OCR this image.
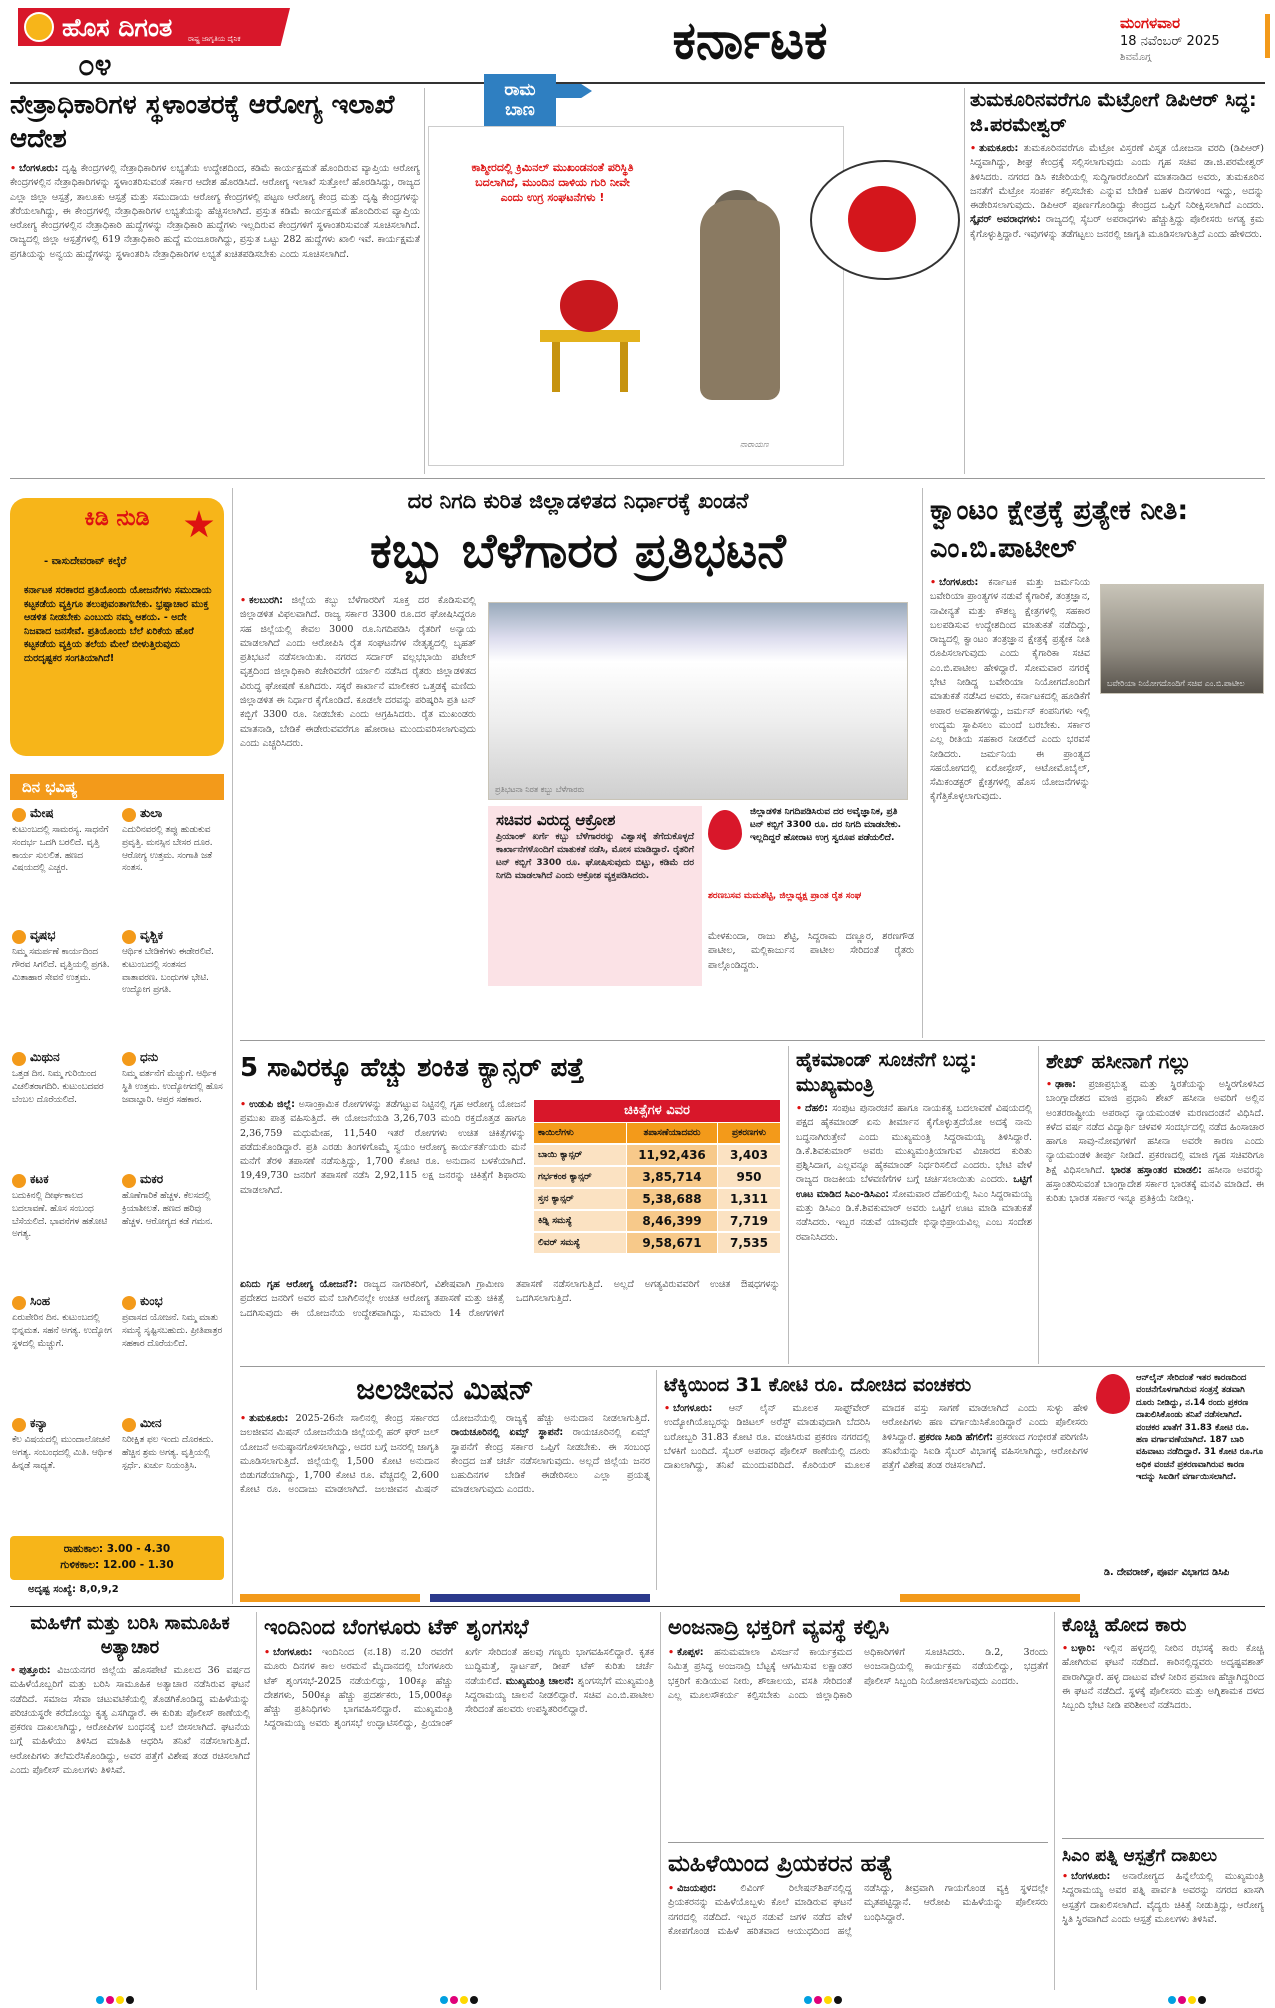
ಹೊಸ ದಿಗಂತ ರಾಷ್ಟ್ರ ಜಾಗೃತಿಯ ದೈನಿಕ
೦೪	ಕರ್ನಾಟಕ	ಮಂಗಳವಾರ
18 ನವೆಂಬರ್ 2025
ಶಿವಮೊಗ್ಗ
ನೇತ್ರಾಧಿಕಾರಿಗಳ ಸ್ಥಳಾಂತರಕ್ಕೆ ಆರೋಗ್ಯ ಇಲಾಖೆ ಆದೇಶ

• ಬೆಂಗಳೂರು: ದೃಷ್ಟಿ ಕೇಂದ್ರಗಳಲ್ಲಿ ನೇತ್ರಾಧಿಕಾರಿಗಳ ಲಭ್ಯತೆಯ ಉದ್ದೇಶದಿಂದ, ಕಡಿಮೆ ಕಾರ್ಯಕ್ಷಮತೆ ಹೊಂದಿರುವ ವ್ಯಾಪ್ತಿಯ ಆರೋಗ್ಯ ಕೇಂದ್ರಗಳಲ್ಲಿನ ನೇತ್ರಾಧಿಕಾರಿಗಳನ್ನು ಸ್ಥಳಾಂತರಿಸುವಂತೆ ಸರ್ಕಾರ ಆದೇಶ ಹೊರಡಿಸಿದೆ. ಆರೋಗ್ಯ ಇಲಾಖೆ ಸುತ್ತೋಲೆ ಹೊರಡಿಸಿದ್ದು, ರಾಜ್ಯದ ಎಲ್ಲಾ ಜಿಲ್ಲಾ ಆಸ್ಪತ್ರೆ, ತಾಲೂಕು ಆಸ್ಪತ್ರೆ ಮತ್ತು ಸಮುದಾಯ ಆರೋಗ್ಯ ಕೇಂದ್ರಗಳಲ್ಲಿ ಪಟ್ಟಣ ಆರೋಗ್ಯ ಕೇಂದ್ರ ಮತ್ತು ದೃಷ್ಟಿ ಕೇಂದ್ರಗಳನ್ನು ತೆರೆಯಲಾಗಿದ್ದು, ಈ ಕೇಂದ್ರಗಳಲ್ಲಿ ನೇತ್ರಾಧಿಕಾರಿಗಳ ಲಭ್ಯತೆಯನ್ನು ಹೆಚ್ಚಿಸಲಾಗಿದೆ. ಪ್ರಸ್ತುತ ಕಡಿಮೆ ಕಾರ್ಯಕ್ಷಮತೆ ಹೊಂದಿರುವ ವ್ಯಾಪ್ತಿಯ ಆರೋಗ್ಯ ಕೇಂದ್ರಗಳಲ್ಲಿನ ನೇತ್ರಾಧಿಕಾರಿ ಹುದ್ದೆಗಳನ್ನು ನೇತ್ರಾಧಿಕಾರಿ ಹುದ್ದೆಗಳು ಇಲ್ಲದಿರುವ ಕೇಂದ್ರಗಳಿಗೆ ಸ್ಥಳಾಂತರಿಸುವಂತೆ ಸೂಚಿಸಲಾಗಿದೆ. ರಾಜ್ಯದಲ್ಲಿ ಜಿಲ್ಲಾ ಆಸ್ಪತ್ರೆಗಳಲ್ಲಿ 619 ನೇತ್ರಾಧಿಕಾರಿ ಹುದ್ದೆ ಮಂಜೂರಾಗಿದ್ದು, ಪ್ರಸ್ತುತ ಒಟ್ಟು 282 ಹುದ್ದೆಗಳು ಖಾಲಿ ಇವೆ. ಕಾರ್ಯಕ್ಷಮತೆ ಪ್ರಗತಿಯನ್ನು ಅನ್ವಯ ಹುದ್ದೆಗಳನ್ನು ಸ್ಥಳಾಂತರಿಸಿ ನೇತ್ರಾಧಿಕಾರಿಗಳ ಲಭ್ಯತೆ ಖಚಿತಪಡಿಸಬೇಕು ಎಂದು ಸೂಚಿಸಲಾಗಿದೆ.

ರಾಮ ಬಾಣ
ಕಾಶ್ಮೀರದಲ್ಲಿ ಕ್ರಿಮಿನಲ್ ಮುಖಂಡನಂತೆ ಪರಿಸ್ಥಿತಿ ಬದಲಾಗಿದೆ, ಮುಂದಿನ ದಾಳಿಯ ಗುರಿ ನೀವೇ ಎಂದು ಉಗ್ರ ಸಂಘಟನೆಗಳು !
ನಾರಾಯಣ
ತುಮಕೂರಿನವರೆಗೂ ಮೆಟ್ರೋಗೆ ಡಿಪಿಆರ್ ಸಿದ್ಧ: ಜಿ.ಪರಮೇಶ್ವರ್

• ತುಮಕೂರು: ತುಮಕೂರಿನವರೆಗೂ ಮೆಟ್ರೋ ವಿಸ್ತರಣೆ ವಿಸ್ತೃತ ಯೋಜನಾ ವರದಿ (ಡಿಪಿಆರ್) ಸಿದ್ಧವಾಗಿದ್ದು, ಶೀಘ್ರ ಕೇಂದ್ರಕ್ಕೆ ಸಲ್ಲಿಸಲಾಗುವುದು ಎಂದು ಗೃಹ ಸಚಿವ ಡಾ.ಜಿ.ಪರಮೇಶ್ವರ್ ತಿಳಿಸಿದರು. ನಗರದ ಡಿಸಿ ಕಚೇರಿಯಲ್ಲಿ ಸುದ್ದಿಗಾರರೊಂದಿಗೆ ಮಾತನಾಡಿದ ಅವರು, ತುಮಕೂರಿನ ಜನತೆಗೆ ಮೆಟ್ರೋ ಸಂಪರ್ಕ ಕಲ್ಪಿಸಬೇಕು ಎನ್ನುವ ಬೇಡಿಕೆ ಬಹಳ ದಿನಗಳಿಂದ ಇದ್ದು, ಅದನ್ನು ಈಡೇರಿಸಲಾಗುವುದು. ಡಿಪಿಆರ್ ಪೂರ್ಣಗೊಂಡಿದ್ದು ಕೇಂದ್ರದ ಒಪ್ಪಿಗೆ ನಿರೀಕ್ಷಿಸಲಾಗಿದೆ ಎಂದರು. ಸ್ಕೈವರ್ ಅವರಾಧಗಳು: ರಾಜ್ಯದಲ್ಲಿ ಸೈಬರ್ ಅಪರಾಧಗಳು ಹೆಚ್ಚುತ್ತಿದ್ದು ಪೊಲೀಸರು ಅಗತ್ಯ ಕ್ರಮ ಕೈಗೊಳ್ಳುತ್ತಿದ್ದಾರೆ. ಇವುಗಳನ್ನು ತಡೆಗಟ್ಟಲು ಜನರಲ್ಲಿ ಜಾಗೃತಿ ಮೂಡಿಸಲಾಗುತ್ತಿದೆ ಎಂದು ಹೇಳಿದರು.

ಕಿಡಿ ನುಡಿ
- ವಾಸುದೇವರಾವ್ ಕಲ್ಕೆರೆ
ಕರ್ನಾಟಕ ಸರಕಾರದ ಪ್ರತಿಯೊಂದು ಯೋಜನೆಗಳು ಸಮುದಾಯ ಕಟ್ಟಕಡೆಯ ವ್ಯಕ್ತಿಗೂ ತಲುಪುವಂತಾಗಬೇಕು. ಭ್ರಷ್ಟಾಚಾರ ಮುಕ್ತ ಆಡಳಿತ ನೀಡಬೇಕು ಎಂಬುದು ನಮ್ಮ ಆಶಯ. - ಅದೇ ನಿಜವಾದ ಜನಸೇವೆ. ಪ್ರತಿಯೊಂದು ಬೆಲೆ ಏರಿಕೆಯ ಹೊರೆ ಕಟ್ಟಕಡೆಯ ವ್ಯಕ್ತಿಯ ತಲೆಯ ಮೇಲೆ ಬೀಳುತ್ತಿರುವುದು ದುರದೃಷ್ಟಕರ ಸಂಗತಿಯಾಗಿದೆ!
ದಿನ ಭವಿಷ್ಯ
ಮೇಷ
ಕುಟುಂಬದಲ್ಲಿ ಸಾಮರಸ್ಯ. ಸಾಧನೆಗೆ ಸಂದರ್ಭ ಒದಗಿ ಬರಲಿದೆ. ವೃತ್ತಿ ಕಾರ್ಯ ಸುಲಲಿತ. ಹಣದ ವಿಷಯದಲ್ಲಿ ಎಚ್ಚರ.
ತುಲಾ
ಎದುರಿನವರಲ್ಲಿ ತಪ್ಪು ಹುಡುಕುವ ಪ್ರವೃತ್ತಿ. ಮನಸ್ಸಿನ ಬೇಸರ ದೂರ. ಆರೋಗ್ಯ ಉತ್ತಮ. ಸಂಗಾತಿ ಜತೆ ಸಂತಸ.
ವೃಷಭ
ನಿಮ್ಮ ಸಮರ್ಪಣೆ ಕಾರ್ಯದಿಂದ ಗೌರವ ಸಿಗಲಿದೆ. ವೃತ್ತಿಯಲ್ಲಿ ಪ್ರಗತಿ. ಮಿತಾಹಾರ ಸೇವನೆ ಉತ್ತಮ.
ವೃಶ್ಚಿಕ
ಆರ್ಥಿಕ ಬೇಡಿಕೆಗಳು ಈಡೇರಲಿವೆ. ಕುಟುಂಬದಲ್ಲಿ ಸಂತಸದ ವಾತಾವರಣ. ಬಂಧುಗಳ ಭೇಟಿ. ಉದ್ಯೋಗ ಪ್ರಗತಿ.
ಮಿಥುನ
ಒತ್ತಡ ದಿನ. ನಿಮ್ಮ ಗುರಿಯಿಂದ ವಿಚಲಿತರಾಗದಿರಿ. ಕುಟುಂಬದವರ ಬೆಂಬಲ ದೊರೆಯಲಿದೆ.
ಧನು
ನಿಮ್ಮ ವರ್ತನೆಗೆ ಮೆಚ್ಚುಗೆ. ಆರ್ಥಿಕ ಸ್ಥಿತಿ ಉತ್ತಮ. ಉದ್ಯೋಗದಲ್ಲಿ ಹೊಸ ಜವಾಬ್ದಾರಿ. ಆಪ್ತರ ಸಹಕಾರ.
ಕಟಕ
ಬದುಕಿನಲ್ಲಿ ದೀರ್ಘಕಾಲದ ಬದಲಾವಣೆ. ಹೊಸ ಸಂಬಂಧ ಬೆಸೆಯಲಿದೆ. ಭಾವನೆಗಳ ಹತೋಟಿ ಅಗತ್ಯ.
ಮಕರ
ಹೊಣೆಗಾರಿಕೆ ಹೆಚ್ಚಳ. ಕೆಲಸದಲ್ಲಿ ಕ್ರಿಯಾಶೀಲತೆ. ಹಣದ ಹರಿವು ಹೆಚ್ಚಳ. ಆರೋಗ್ಯದ ಕಡೆ ಗಮನ.
ಸಿಂಹ
ಏರುಪೇರಿನ ದಿನ. ಕುಟುಂಬದಲ್ಲಿ ಭಿನ್ನಮತ. ಸಹನೆ ಅಗತ್ಯ. ಉದ್ಯೋಗ ಸ್ಥಳದಲ್ಲಿ ಮೆಚ್ಚುಗೆ.
ಕುಂಭ
ಪ್ರವಾಸದ ಯೋಜನೆ. ನಿಮ್ಮ ಮಾತು ಸಮಸ್ಯೆ ಸೃಷ್ಟಿಸಬಹುದು. ಪ್ರೀತಿಪಾತ್ರರ ಸಹಕಾರ ದೊರೆಯಲಿದೆ.
ಕನ್ಯಾ
ಕೆಲ ವಿಷಯದಲ್ಲಿ ಮುಂದಾಲೋಚನೆ ಅಗತ್ಯ. ಸಂಬಂಧದಲ್ಲಿ ಮಿತಿ. ಆರ್ಥಿಕ ಹಿನ್ನಡೆ ಸಾಧ್ಯತೆ.
ಮೀನ
ನಿರೀಕ್ಷಿತ ಫಲ ಇಂದು ದೊರಕದು. ಹೆಚ್ಚಿನ ಶ್ರಮ ಅಗತ್ಯ. ವೃತ್ತಿಯಲ್ಲಿ ಸ್ಪರ್ಧೆ. ಖರ್ಚು ನಿಯಂತ್ರಿಸಿ.
ರಾಹುಕಾಲ: 3.00 - 4.30
ಗುಳಿಕಕಾಲ: 12.00 - 1.30
ಅದೃಷ್ಟ ಸಂಖ್ಯೆ: 8,0,9,2
ದರ ನಿಗದಿ ಕುರಿತ ಜಿಲ್ಲಾಡಳಿತದ ನಿರ್ಧಾರಕ್ಕೆ ಖಂಡನೆ
ಕಬ್ಬು ಬೆಳೆಗಾರರ ಪ್ರತಿಭಟನೆ

• ಕಲಬುರಗಿ: ಜಿಲ್ಲೆಯ ಕಬ್ಬು ಬೆಳೆಗಾರರಿಗೆ ಸೂಕ್ತ ದರ ಕೊಡಿಸುವಲ್ಲಿ ಜಿಲ್ಲಾಡಳಿತ ವಿಫಲವಾಗಿದೆ. ರಾಜ್ಯ ಸರ್ಕಾರ 3300 ರೂ.ದರ ಘೋಷಿಸಿದ್ದರೂ ಸಹ ಜಿಲ್ಲೆಯಲ್ಲಿ ಕೇವಲ 3000 ರೂ.ನಿಗದಿಪಡಿಸಿ ರೈತರಿಗೆ ಅನ್ಯಾಯ ಮಾಡಲಾಗಿದೆ ಎಂದು ಆರೋಪಿಸಿ ರೈತ ಸಂಘಟನೆಗಳ ನೇತೃತ್ವದಲ್ಲಿ ಬೃಹತ್ ಪ್ರತಿಭಟನೆ ನಡೆಸಲಾಯಿತು. ನಗರದ ಸರ್ದಾರ್ ವಲ್ಲಭಭಾಯಿ ಪಟೇಲ್ ವೃತ್ತದಿಂದ ಜಿಲ್ಲಾಧಿಕಾರಿ ಕಚೇರಿವರೆಗೆ ರ್ಯಾಲಿ ನಡೆಸಿದ ರೈತರು ಜಿಲ್ಲಾಡಳಿತದ ವಿರುದ್ಧ ಘೋಷಣೆ ಕೂಗಿದರು. ಸಕ್ಕರೆ ಕಾರ್ಖಾನೆ ಮಾಲೀಕರ ಒತ್ತಡಕ್ಕೆ ಮಣಿದು ಜಿಲ್ಲಾಡಳಿತ ಈ ನಿರ್ಧಾರ ಕೈಗೊಂಡಿದೆ. ಕೂಡಲೇ ದರವನ್ನು ಪರಿಷ್ಕರಿಸಿ ಪ್ರತಿ ಟನ್ ಕಬ್ಬಿಗೆ 3300 ರೂ. ನೀಡಬೇಕು ಎಂದು ಆಗ್ರಹಿಸಿದರು. ರೈತ ಮುಖಂಡರು ಮಾತನಾಡಿ, ಬೇಡಿಕೆ ಈಡೇರುವವರೆಗೂ ಹೋರಾಟ ಮುಂದುವರಿಸಲಾಗುವುದು ಎಂದು ಎಚ್ಚರಿಸಿದರು.

ಪ್ರತಿಭಟನಾ ನಿರತ ಕಬ್ಬು ಬೆಳೆಗಾರರು
ಸಚಿವರ ವಿರುದ್ಧ ಆಕ್ರೋಶ

ಪ್ರಿಯಾಂಕ್ ಖರ್ಗೆ ಕಬ್ಬು ಬೆಳೆಗಾರರನ್ನು ವಿಶ್ವಾಸಕ್ಕೆ ತೆಗೆದುಕೊಳ್ಳದೆ ಕಾರ್ಖಾನೆಗಳೊಂದಿಗೆ ಮಾತುಕತೆ ನಡೆಸಿ, ಮೋಸ ಮಾಡಿದ್ದಾರೆ. ರೈತರಿಗೆ ಟನ್ ಕಬ್ಬಿಗೆ 3300 ರೂ. ಘೋಷಿಸುವುದು ಬಿಟ್ಟು, ಕಡಿಮೆ ದರ ನಿಗದಿ ಮಾಡಲಾಗಿದೆ ಎಂದು ಆಕ್ರೋಶ ವ್ಯಕ್ತಪಡಿಸಿದರು.

ಜಿಲ್ಲಾಡಳಿತ ನಿಗದಿಪಡಿಸಿರುವ ದರ ಅವೈಜ್ಞಾನಿಕ, ಪ್ರತಿ ಟನ್ ಕಬ್ಬಿಗೆ 3300 ರೂ. ದರ ನಿಗದಿ ಮಾಡಬೇಕು. ಇಲ್ಲದಿದ್ದರೆ ಹೋರಾಟ ಉಗ್ರ ಸ್ವರೂಪ ಪಡೆಯಲಿದೆ.

ಶರಣಬಸವ ಮಮಶೆಟ್ಟಿ, ಜಿಲ್ಲಾಧ್ಯಕ್ಷ ಪ್ರಾಂತ ರೈತ ಸಂಘ

ಮೇಳಕುಂದಾ, ರಾಜು ಶೆಟ್ಟಿ, ಸಿದ್ದರಾಮ ದಣ್ಣೂರ, ಶರಣಗೌಡ ಪಾಟೀಲ, ಮಲ್ಲಿಕಾರ್ಜುನ ಪಾಟೀಲ ಸೇರಿದಂತೆ ರೈತರು ಪಾಲ್ಗೊಂಡಿದ್ದರು.

ಕ್ವಾಂಟಂ ಕ್ಷೇತ್ರಕ್ಕೆ ಪ್ರತ್ಯೇಕ ನೀತಿ: ಎಂ.ಬಿ.ಪಾಟೀಲ್

• ಬೆಂಗಳೂರು: ಕರ್ನಾಟಕ ಮತ್ತು ಜರ್ಮನಿಯ ಬವೇರಿಯಾ ಪ್ರಾಂತ್ಯಗಳ ನಡುವೆ ಕೈಗಾರಿಕೆ, ತಂತ್ರಜ್ಞಾನ, ನಾವೀನ್ಯತೆ ಮತ್ತು ಕೌಶಲ್ಯ ಕ್ಷೇತ್ರಗಳಲ್ಲಿ ಸಹಕಾರ ಬಲಪಡಿಸುವ ಉದ್ದೇಶದಿಂದ ಮಾತುಕತೆ ನಡೆದಿದ್ದು, ರಾಜ್ಯದಲ್ಲಿ ಕ್ವಾಂಟಂ ತಂತ್ರಜ್ಞಾನ ಕ್ಷೇತ್ರಕ್ಕೆ ಪ್ರತ್ಯೇಕ ನೀತಿ ರೂಪಿಸಲಾಗುವುದು ಎಂದು ಕೈಗಾರಿಕಾ ಸಚಿವ ಎಂ.ಬಿ.ಪಾಟೀಲ ಹೇಳಿದ್ದಾರೆ. ಸೋಮವಾರ ನಗರಕ್ಕೆ ಭೇಟಿ ನೀಡಿದ್ದ ಬವೇರಿಯಾ ನಿಯೋಗದೊಂದಿಗೆ ಮಾತುಕತೆ ನಡೆಸಿದ ಅವರು, ಕರ್ನಾಟಕದಲ್ಲಿ ಹೂಡಿಕೆಗೆ ಅಪಾರ ಅವಕಾಶಗಳಿದ್ದು, ಜರ್ಮನ್ ಕಂಪನಿಗಳು ಇಲ್ಲಿ ಉದ್ಯಮ ಸ್ಥಾಪಿಸಲು ಮುಂದೆ ಬರಬೇಕು. ಸರ್ಕಾರ ಎಲ್ಲ ರೀತಿಯ ಸಹಕಾರ ನೀಡಲಿದೆ ಎಂದು ಭರವಸೆ ನೀಡಿದರು. ಜರ್ಮನಿಯ ಈ ಪ್ರಾಂತ್ಯದ ಸಹಯೋಗದಲ್ಲಿ ಏರೋಸ್ಪೇಸ್, ಆಟೋಮೊಬೈಲ್, ಸೆಮಿಕಂಡಕ್ಟರ್ ಕ್ಷೇತ್ರಗಳಲ್ಲಿ ಹೊಸ ಯೋಜನೆಗಳನ್ನು ಕೈಗೆತ್ತಿಕೊಳ್ಳಲಾಗುವುದು.

ಬವೇರಿಯಾ ನಿಯೋಗದೊಂದಿಗೆ ಸಚಿವ ಎಂ.ಬಿ.ಪಾಟೀಲ
5 ಸಾವಿರಕ್ಕೂ ಹೆಚ್ಚು ಶಂಕಿತ ಕ್ಯಾನ್ಸರ್ ಪತ್ತೆ

• ಉಡುಪಿ ಜಿಲ್ಲೆ: ಅಸಾಂಕ್ರಾಮಿಕ ರೋಗಗಳನ್ನು ತಡೆಗಟ್ಟುವ ನಿಟ್ಟಿನಲ್ಲಿ ಗೃಹ ಆರೋಗ್ಯ ಯೋಜನೆ ಪ್ರಮುಖ ಪಾತ್ರ ವಹಿಸುತ್ತಿದೆ. ಈ ಯೋಜನೆಯಡಿ 3,26,703 ಮಂದಿ ರಕ್ತದೊತ್ತಡ ಹಾಗೂ 2,36,759 ಮಧುಮೇಹ, 11,540 ಇತರೆ ರೋಗಗಳು ಉಚಿತ ಚಿಕಿತ್ಸೆಗಳನ್ನು ಪಡೆದುಕೊಂಡಿದ್ದಾರೆ. ಪ್ರತಿ ಎರಡು ತಿಂಗಳಿಗೊಮ್ಮೆ ಸ್ವಯಂ ಆರೋಗ್ಯ ಕಾರ್ಯಕರ್ತೆಯರು ಮನೆ ಮನೆಗೆ ತೆರಳಿ ತಪಾಸಣೆ ನಡೆಸುತ್ತಿದ್ದು, 1,700 ಕೋಟಿ ರೂ. ಅನುದಾನ ಬಳಕೆಯಾಗಿದೆ. 19,49,730 ಜನರಿಗೆ ತಪಾಸಣೆ ನಡೆಸಿ 2,92,115 ಲಕ್ಷ ಜನರನ್ನು ಚಿಕಿತ್ಸೆಗೆ ಶಿಫಾರಸು ಮಾಡಲಾಗಿದೆ.

ಚಿಕಿತ್ಸೆಗಳ ವಿವರ
ಕಾಯಿಲೆಗಳು	ತಪಾಸಣೆಯಾದವರು	ಪ್ರಕರಣಗಳು
ಬಾಯಿ ಕ್ಯಾನ್ಸರ್	11,92,436	3,403
ಗರ್ಭಕಂಠ ಕ್ಯಾನ್ಸರ್	3,85,714	950
ಸ್ತನ ಕ್ಯಾನ್ಸರ್	5,38,688	1,311
ಕಿಡ್ನಿ ಸಮಸ್ಯೆ	8,46,399	7,719
ಲಿವರ್ ಸಮಸ್ಯೆ	9,58,671	7,535

ಏನಿದು ಗೃಹ ಆರೋಗ್ಯ ಯೋಜನೆ?: ರಾಜ್ಯದ ನಾಗರಿಕರಿಗೆ, ವಿಶೇಷವಾಗಿ ಗ್ರಾಮೀಣ ಪ್ರದೇಶದ ಜನರಿಗೆ ಅವರ ಮನೆ ಬಾಗಿಲಿನಲ್ಲೇ ಉಚಿತ ಆರೋಗ್ಯ ತಪಾಸಣೆ ಮತ್ತು ಚಿಕಿತ್ಸೆ ಒದಗಿಸುವುದು ಈ ಯೋಜನೆಯ ಉದ್ದೇಶವಾಗಿದ್ದು, ಸುಮಾರು 14 ರೋಗಗಳಿಗೆ ತಪಾಸಣೆ ನಡೆಸಲಾಗುತ್ತಿದೆ. ಅಲ್ಲದೆ ಅಗತ್ಯವಿರುವವರಿಗೆ ಉಚಿತ ಔಷಧಗಳನ್ನು ಒದಗಿಸಲಾಗುತ್ತಿದೆ.

ಹೈಕಮಾಂಡ್ ಸೂಚನೆಗೆ ಬದ್ಧ: ಮುಖ್ಯಮಂತ್ರಿ

• ದೆಹಲಿ: ಸಂಪುಟ ಪುನಾರಚನೆ ಹಾಗೂ ನಾಯಕತ್ವ ಬದಲಾವಣೆ ವಿಷಯದಲ್ಲಿ ಪಕ್ಷದ ಹೈಕಮಾಂಡ್ ಏನು ತೀರ್ಮಾನ ಕೈಗೊಳ್ಳುತ್ತದೆಯೋ ಅದಕ್ಕೆ ನಾನು ಬದ್ಧನಾಗಿರುತ್ತೇನೆ ಎಂದು ಮುಖ್ಯಮಂತ್ರಿ ಸಿದ್ದರಾಮಯ್ಯ ತಿಳಿಸಿದ್ದಾರೆ. ಡಿ.ಕೆ.ಶಿವಕುಮಾರ್ ಅವರು ಮುಖ್ಯಮಂತ್ರಿಯಾಗುವ ವಿಚಾರದ ಕುರಿತು ಪ್ರಶ್ನಿಸಿದಾಗ, ಎಲ್ಲವನ್ನೂ ಹೈಕಮಾಂಡ್ ನಿರ್ಧರಿಸಲಿದೆ ಎಂದರು. ಭೇಟಿ ವೇಳೆ ರಾಜ್ಯದ ರಾಜಕೀಯ ಬೆಳವಣಿಗೆಗಳ ಬಗ್ಗೆ ಚರ್ಚಿಸಲಾಯಿತು ಎಂದರು. ಒಟ್ಟಿಗೆ ಊಟ ಮಾಡಿದ ಸಿಎಂ-ಡಿಸಿಎಂ: ಸೋಮವಾರ ದೆಹಲಿಯಲ್ಲಿ ಸಿಎಂ ಸಿದ್ದರಾಮಯ್ಯ ಮತ್ತು ಡಿಸಿಎಂ ಡಿ.ಕೆ.ಶಿವಕುಮಾರ್ ಅವರು ಒಟ್ಟಿಗೆ ಊಟ ಮಾಡಿ ಮಾತುಕತೆ ನಡೆಸಿದರು. ಇಬ್ಬರ ನಡುವೆ ಯಾವುದೇ ಭಿನ್ನಾಭಿಪ್ರಾಯವಿಲ್ಲ ಎಂಬ ಸಂದೇಶ ರವಾನಿಸಿದರು.

ಶೇಖ್ ಹಸೀನಾಗೆ ಗಲ್ಲು

• ಢಾಕಾ: ಪ್ರಜಾಪ್ರಭುತ್ವ ಮತ್ತು ಸ್ಥಿರತೆಯನ್ನು ಅಸ್ಥಿರಗೊಳಿಸಿದ ಬಾಂಗ್ಲಾದೇಶದ ಮಾಜಿ ಪ್ರಧಾನಿ ಶೇಖ್ ಹಸೀನಾ ಅವರಿಗೆ ಅಲ್ಲಿನ ಅಂತರರಾಷ್ಟ್ರೀಯ ಅಪರಾಧ ನ್ಯಾಯಮಂಡಳಿ ಮರಣದಂಡನೆ ವಿಧಿಸಿದೆ. ಕಳೆದ ವರ್ಷ ನಡೆದ ವಿದ್ಯಾರ್ಥಿ ಚಳವಳಿ ಸಂದರ್ಭದಲ್ಲಿ ನಡೆದ ಹಿಂಸಾಚಾರ ಹಾಗೂ ಸಾವು-ನೋವುಗಳಿಗೆ ಹಸೀನಾ ಅವರೇ ಕಾರಣ ಎಂದು ನ್ಯಾಯಮಂಡಳಿ ತೀರ್ಪು ನೀಡಿದೆ. ಪ್ರಕರಣದಲ್ಲಿ ಮಾಜಿ ಗೃಹ ಸಚಿವರಿಗೂ ಶಿಕ್ಷೆ ವಿಧಿಸಲಾಗಿದೆ. ಭಾರತ ಹಸ್ತಾಂತರ ಮಾಡಲಿ: ಹಸೀನಾ ಅವರನ್ನು ಹಸ್ತಾಂತರಿಸುವಂತೆ ಬಾಂಗ್ಲಾದೇಶ ಸರ್ಕಾರ ಭಾರತಕ್ಕೆ ಮನವಿ ಮಾಡಿದೆ. ಈ ಕುರಿತು ಭಾರತ ಸರ್ಕಾರ ಇನ್ನೂ ಪ್ರತಿಕ್ರಿಯೆ ನೀಡಿಲ್ಲ.

ಜಲಜೀವನ ಮಿಷನ್

• ತುಮಕೂರು: 2025-26ನೇ ಸಾಲಿನಲ್ಲಿ ಕೇಂದ್ರ ಸರ್ಕಾರದ ಜಲಜೀವನ ಮಿಷನ್ ಯೋಜನೆಯಡಿ ಜಿಲ್ಲೆಯಲ್ಲಿ ಹರ್ ಘರ್ ಜಲ್ ಯೋಜನೆ ಅನುಷ್ಠಾನಗೊಳಿಸಲಾಗಿದ್ದು, ಅದರ ಬಗ್ಗೆ ಜನರಲ್ಲಿ ಜಾಗೃತಿ ಮೂಡಿಸಲಾಗುತ್ತಿದೆ. ಜಿಲ್ಲೆಯಲ್ಲಿ 1,500 ಕೋಟಿ ಅನುದಾನ ಬಿಡುಗಡೆಯಾಗಿದ್ದು, 1,700 ಕೋಟಿ ರೂ. ವೆಚ್ಚದಲ್ಲಿ 2,600 ಕೋಟಿ ರೂ. ಅಂದಾಜು ಮಾಡಲಾಗಿದೆ. ಜಲಜೀವನ ಮಿಷನ್ ಯೋಜನೆಯಲ್ಲಿ ರಾಜ್ಯಕ್ಕೆ ಹೆಚ್ಚು ಅನುದಾನ ನೀಡಲಾಗುತ್ತಿದೆ. ರಾಯಚೂರಿನಲ್ಲಿ ಏಮ್ಸ್ ಸ್ಥಾಪನೆ: ರಾಯಚೂರಿನಲ್ಲಿ ಏಮ್ಸ್ ಸ್ಥಾಪನೆಗೆ ಕೇಂದ್ರ ಸರ್ಕಾರ ಒಪ್ಪಿಗೆ ನೀಡಬೇಕು. ಈ ಸಂಬಂಧ ಕೇಂದ್ರದ ಜತೆ ಚರ್ಚೆ ನಡೆಸಲಾಗುವುದು. ಅಲ್ಲದೆ ಜಿಲ್ಲೆಯ ಜನರ ಬಹುದಿನಗಳ ಬೇಡಿಕೆ ಈಡೇರಿಸಲು ಎಲ್ಲಾ ಪ್ರಯತ್ನ ಮಾಡಲಾಗುವುದು ಎಂದರು.

ಟೆಕ್ಕಿಯಿಂದ 31 ಕೋಟಿ ರೂ. ದೋಚಿದ ವಂಚಕರು

• ಬೆಂಗಳೂರು: ಆನ್ ಲೈನ್ ಮೂಲಕ ಸಾಫ್ಟ್‌ವೇರ್ ಉದ್ಯೋಗಿಯೊಬ್ಬರನ್ನು ಡಿಜಿಟಲ್ ಅರೆಸ್ಟ್ ಮಾಡುವುದಾಗಿ ಬೆದರಿಸಿ ಬರೋಬ್ಬರಿ 31.83 ಕೋಟಿ ರೂ. ವಂಚಿಸಿರುವ ಪ್ರಕರಣ ನಗರದಲ್ಲಿ ಬೆಳಕಿಗೆ ಬಂದಿದೆ. ಸೈಬರ್ ಅಪರಾಧ ಪೊಲೀಸ್ ಠಾಣೆಯಲ್ಲಿ ದೂರು ದಾಖಲಾಗಿದ್ದು, ತನಿಖೆ ಮುಂದುವರಿದಿದೆ. ಕೊರಿಯರ್ ಮೂಲಕ ಮಾದಕ ವಸ್ತು ಸಾಗಣೆ ಮಾಡಲಾಗಿದೆ ಎಂದು ಸುಳ್ಳು ಹೇಳಿ ಆರೋಪಿಗಳು ಹಣ ವರ್ಗಾಯಿಸಿಕೊಂಡಿದ್ದಾರೆ ಎಂದು ಪೊಲೀಸರು ತಿಳಿಸಿದ್ದಾರೆ. ಪ್ರಕರಣ ಸಿಐಡಿ ಹೆಗಲಿಗೆ: ಪ್ರಕರಣದ ಗಂಭೀರತೆ ಪರಿಗಣಿಸಿ ತನಿಖೆಯನ್ನು ಸಿಐಡಿ ಸೈಬರ್ ವಿಭಾಗಕ್ಕೆ ವಹಿಸಲಾಗಿದ್ದು, ಆರೋಪಿಗಳ ಪತ್ತೆಗೆ ವಿಶೇಷ ತಂಡ ರಚಿಸಲಾಗಿದೆ.

ಆನ್‌ಲೈನ್ ಸೇರಿದಂತೆ ಇತರ ಕಾರಣದಿಂದ ವಂಚನೆಗೊಳಗಾಗಿರುವ ಸಂತ್ರಸ್ತೆ ತಡವಾಗಿ ದೂರು ನೀಡಿದ್ದು, ನ.14 ರಂದು ಪ್ರಕರಣ ದಾಖಲಿಸಿಕೊಂಡು ತನಿಖೆ ನಡೆಸಲಾಗಿದೆ. ವಂಚಕರ ಖಾತೆಗೆ 31.83 ಕೋಟಿ ರೂ. ಹಣ ವರ್ಗಾವಣೆಯಾಗಿದೆ. 187 ಬಾರಿ ವಹಿವಾಟು ನಡೆದಿದ್ದಾರೆ. 31 ಕೋಟಿ ರೂ.ಗೂ ಅಧಿಕ ವಂಚನೆ ಪ್ರಕರಣವಾಗಿರುವ ಕಾರಣ ಇದನ್ನು ಸಿಐಡಿಗೆ ವರ್ಗಾಯಿಸಲಾಗಿದೆ.

ಡಿ. ದೇವರಾಜ್, ಪೂರ್ವ ವಿಭಾಗದ ಡಿಸಿಪಿ
ಮಹಿಳೆಗೆ ಮತ್ತು ಬರಿಸಿ ಸಾಮೂಹಿಕ ಅತ್ಯಾಚಾರ

• ಪುತ್ತೂರು: ವಿಜಯನಗರ ಜಿಲ್ಲೆಯ ಹೊಸಪೇಟೆ ಮೂಲದ 36 ವರ್ಷದ ಮಹಿಳೆಯೊಬ್ಬರಿಗೆ ಮತ್ತು ಬರಿಸಿ ಸಾಮೂಹಿಕ ಅತ್ಯಾಚಾರ ನಡೆಸಿರುವ ಘಟನೆ ನಡೆದಿದೆ. ಸಮಾಜ ಸೇವಾ ಚಟುವಟಿಕೆಯಲ್ಲಿ ತೊಡಗಿಕೊಂಡಿದ್ದ ಮಹಿಳೆಯನ್ನು ಪರಿಚಯಸ್ಥರೇ ಕರೆದೊಯ್ದು ಕೃತ್ಯ ಎಸಗಿದ್ದಾರೆ. ಈ ಕುರಿತು ಪೊಲೀಸ್ ಠಾಣೆಯಲ್ಲಿ ಪ್ರಕರಣ ದಾಖಲಾಗಿದ್ದು, ಆರೋಪಿಗಳ ಬಂಧನಕ್ಕೆ ಬಲೆ ಬೀಸಲಾಗಿದೆ. ಘಟನೆಯ ಬಗ್ಗೆ ಮಹಿಳೆಯು ತಿಳಿಸಿದ ಮಾಹಿತಿ ಆಧರಿಸಿ ತನಿಖೆ ನಡೆಸಲಾಗುತ್ತಿದೆ. ಆರೋಪಿಗಳು ತಲೆಮರೆಸಿಕೊಂಡಿದ್ದು, ಅವರ ಪತ್ತೆಗೆ ವಿಶೇಷ ತಂಡ ರಚಿಸಲಾಗಿದೆ ಎಂದು ಪೊಲೀಸ್ ಮೂಲಗಳು ತಿಳಿಸಿವೆ.

ಇಂದಿನಿಂದ ಬೆಂಗಳೂರು ಟೆಕ್ ಶೃಂಗಸಭೆ

• ಬೆಂಗಳೂರು: ಇಂದಿನಿಂದ (ನ.18) ನ.20 ರವರೆಗೆ ಮೂರು ದಿನಗಳ ಕಾಲ ಅರಮನೆ ಮೈದಾನದಲ್ಲಿ ಬೆಂಗಳೂರು ಟೆಕ್ ಶೃಂಗಸಭೆ-2025 ನಡೆಯಲಿದ್ದು, 100ಕ್ಕೂ ಹೆಚ್ಚು ದೇಶಗಳು, 500ಕ್ಕೂ ಹೆಚ್ಚು ಪ್ರದರ್ಶಕರು, 15,000ಕ್ಕೂ ಹೆಚ್ಚು ಪ್ರತಿನಿಧಿಗಳು ಭಾಗವಹಿಸಲಿದ್ದಾರೆ. ಮುಖ್ಯಮಂತ್ರಿ ಸಿದ್ದರಾಮಯ್ಯ ಅವರು ಶೃಂಗಸಭೆ ಉದ್ಘಾಟಿಸಲಿದ್ದು, ಪ್ರಿಯಾಂಕ್ ಖರ್ಗೆ ಸೇರಿದಂತೆ ಹಲವು ಗಣ್ಯರು ಭಾಗವಹಿಸಲಿದ್ದಾರೆ. ಕೃತಕ ಬುದ್ಧಿಮತ್ತೆ, ಸ್ಟಾರ್ಟಪ್, ಡೀಪ್ ಟೆಕ್ ಕುರಿತು ಚರ್ಚೆ ನಡೆಯಲಿದೆ. ಮುಖ್ಯಮಂತ್ರಿ ಚಾಲನೆ: ಶೃಂಗಸಭೆಗೆ ಮುಖ್ಯಮಂತ್ರಿ ಸಿದ್ದರಾಮಯ್ಯ ಚಾಲನೆ ನೀಡಲಿದ್ದಾರೆ. ಸಚಿವ ಎಂ.ಬಿ.ಪಾಟೀಲ ಸೇರಿದಂತೆ ಹಲವರು ಉಪಸ್ಥಿತರಿರಲಿದ್ದಾರೆ.

ಅಂಜನಾದ್ರಿ ಭಕ್ತರಿಗೆ ವ್ಯವಸ್ಥೆ ಕಲ್ಪಿಸಿ

• ಕೊಪ್ಪಳ: ಹನುಮಮಾಲಾ ವಿಸರ್ಜನೆ ಕಾರ್ಯಕ್ರಮದ ನಿಮಿತ್ತ ಪ್ರಸಿದ್ಧ ಅಂಜನಾದ್ರಿ ಬೆಟ್ಟಕ್ಕೆ ಆಗಮಿಸುವ ಲಕ್ಷಾಂತರ ಭಕ್ತರಿಗೆ ಕುಡಿಯುವ ನೀರು, ಶೌಚಾಲಯ, ವಸತಿ ಸೇರಿದಂತೆ ಎಲ್ಲ ಮೂಲಸೌಕರ್ಯ ಕಲ್ಪಿಸಬೇಕು ಎಂದು ಜಿಲ್ಲಾಧಿಕಾರಿ ಅಧಿಕಾರಿಗಳಿಗೆ ಸೂಚಿಸಿದರು. ಡಿ.2, 3ರಂದು ಅಂಜನಾದ್ರಿಯಲ್ಲಿ ಕಾರ್ಯಕ್ರಮ ನಡೆಯಲಿದ್ದು, ಭದ್ರತೆಗೆ ಪೊಲೀಸ್ ಸಿಬ್ಬಂದಿ ನಿಯೋಜಿಸಲಾಗುವುದು ಎಂದರು.

ಮಹಿಳೆಯಿಂದ ಪ್ರಿಯಕರನ ಹತ್ಯೆ

• ವಿಜಯಪುರ:	ಲಿವಿಂಗ್ ರಿಲೇಷನ್‌ಶಿಪ್‌ನಲ್ಲಿದ್ದ ಪ್ರಿಯಕರನನ್ನು ಮಹಿಳೆಯೊಬ್ಬಳು ಕೊಲೆ ಮಾಡಿರುವ ಘಟನೆ ನಗರದಲ್ಲಿ ನಡೆದಿದೆ. ಇಬ್ಬರ ನಡುವೆ ಜಗಳ ನಡೆದ ವೇಳೆ ಕೋಪಗೊಂಡ ಮಹಿಳೆ ಹರಿತವಾದ ಆಯುಧದಿಂದ ಹಲ್ಲೆ ನಡೆಸಿದ್ದು, ತೀವ್ರವಾಗಿ ಗಾಯಗೊಂಡ ವ್ಯಕ್ತಿ ಸ್ಥಳದಲ್ಲೇ ಮೃತಪಟ್ಟಿದ್ದಾನೆ. ಆರೋಪಿ ಮಹಿಳೆಯನ್ನು ಪೊಲೀಸರು ಬಂಧಿಸಿದ್ದಾರೆ.

ಕೊಚ್ಚಿ ಹೋದ ಕಾರು

• ಬಳ್ಳಾರಿ: ಇಲ್ಲಿನ ಹಳ್ಳದಲ್ಲಿ ನೀರಿನ ರಭಸಕ್ಕೆ ಕಾರು ಕೊಚ್ಚಿ ಹೋಗಿರುವ ಘಟನೆ ನಡೆದಿದೆ. ಕಾರಿನಲ್ಲಿದ್ದವರು ಅದೃಷ್ಟವಶಾತ್ ಪಾರಾಗಿದ್ದಾರೆ. ಹಳ್ಳ ದಾಟುವ ವೇಳೆ ನೀರಿನ ಪ್ರಮಾಣ ಹೆಚ್ಚಾಗಿದ್ದರಿಂದ ಈ ಘಟನೆ ನಡೆದಿದೆ. ಸ್ಥಳಕ್ಕೆ ಪೊಲೀಸರು ಮತ್ತು ಅಗ್ನಿಶಾಮಕ ದಳದ ಸಿಬ್ಬಂದಿ ಭೇಟಿ ನೀಡಿ ಪರಿಶೀಲನೆ ನಡೆಸಿದರು.

ಸಿಎಂ ಪತ್ನಿ ಆಸ್ಪತ್ರೆಗೆ ದಾಖಲು

• ಬೆಂಗಳೂರು: ಅನಾರೋಗ್ಯದ ಹಿನ್ನೆಲೆಯಲ್ಲಿ ಮುಖ್ಯಮಂತ್ರಿ ಸಿದ್ದರಾಮಯ್ಯ ಅವರ ಪತ್ನಿ ಪಾರ್ವತಿ ಅವರನ್ನು ನಗರದ ಖಾಸಗಿ ಆಸ್ಪತ್ರೆಗೆ ದಾಖಲಿಸಲಾಗಿದೆ. ವೈದ್ಯರು ಚಿಕಿತ್ಸೆ ನೀಡುತ್ತಿದ್ದು, ಆರೋಗ್ಯ ಸ್ಥಿತಿ ಸ್ಥಿರವಾಗಿದೆ ಎಂದು ಆಸ್ಪತ್ರೆ ಮೂಲಗಳು ತಿಳಿಸಿವೆ.
